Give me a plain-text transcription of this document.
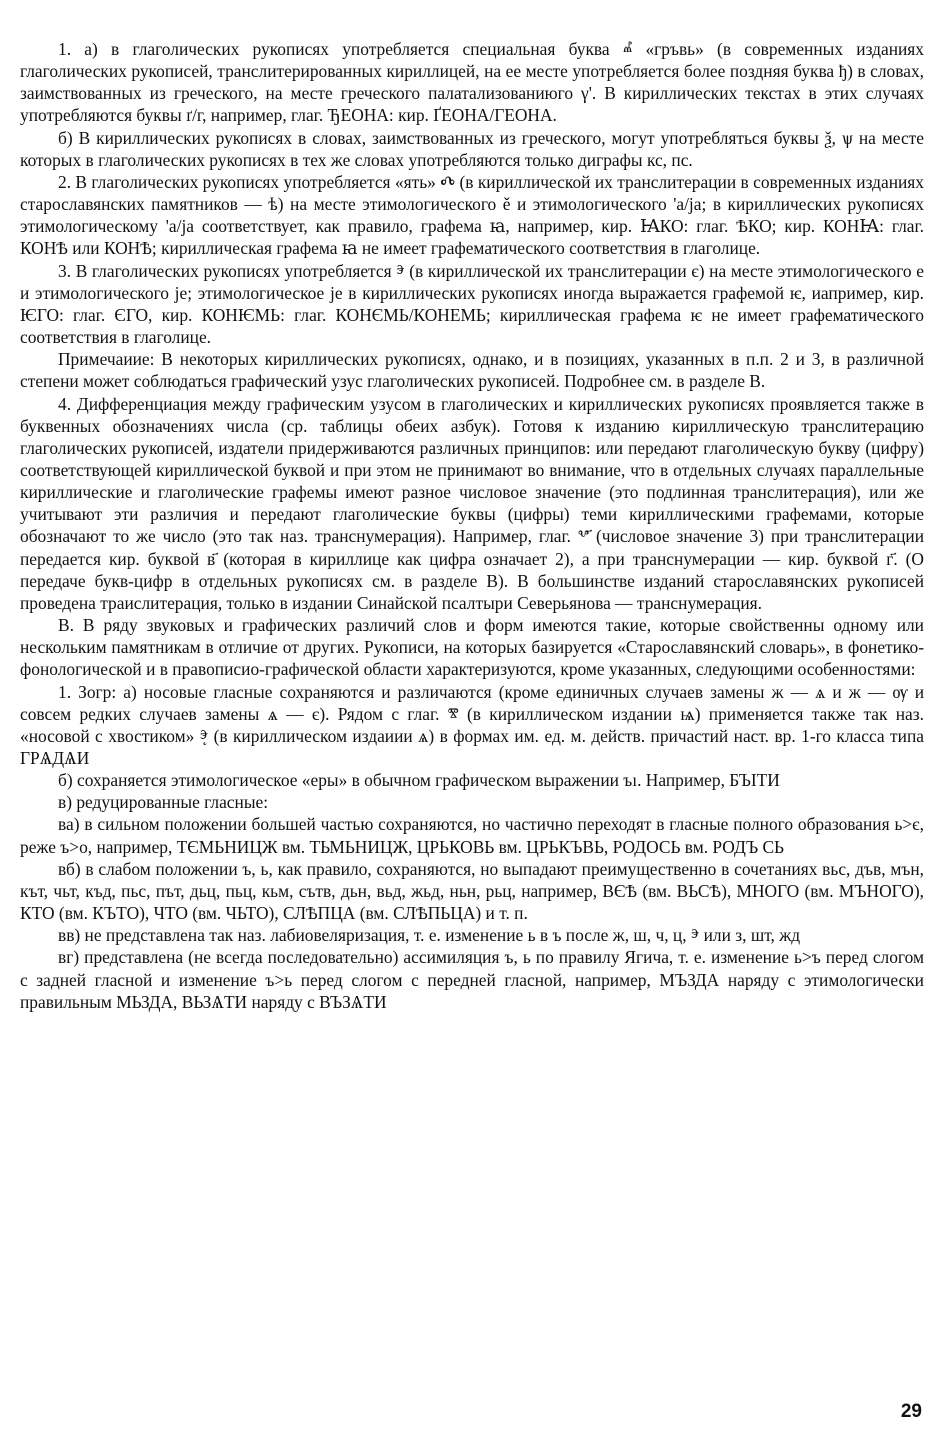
1. а) в глаголических рукописях употребляется специальная буква ⰼ «гръвь» (в современных изданиях глаголических рукописей, транслитерированных кириллицей, на ее месте употребляется более поздняя буква ђ) в словах, заимствованных из греческого, на месте греческого палатализованиюго γ'. В кириллических текстах в этих случаях употребляются буквы ґ/г, например, глаг. ЂЕОНА: кир. ҐЕОНА/ГЕОНА.

б) В кириллических рукописях в словах, заимствованных из греческого, могут употребляться буквы ѯ, ѱ на месте которых в глаголических рукописях в тех же словах употребляются только диграфы кс, пс.

2. В глаголических рукописях употребляется «ять» Ⰴ (в кириллической их транслитерации в современных изданиях старославянских памятников — ѣ) на месте этимологического ě и этимологического 'a/ja; в кириллических рукописях этимологическому 'a/ja соответствует, как правило, графема ꙗ, например, кир. ꙖКО: глаг. ѢКО; кир. КОНꙖ: глаг. КОНѢ или КОНѢ; кириллическая графема ꙗ не имеет графематического соответствия в глаголице.

3. В глаголических рукописях употребляется ⰵ (в кириллической их транслитерации є) на месте этимологического е и этимологического je; этимологическое je в кириллических рукописях иногда выражается графемой ѥ, иапример, кир. ѤГО: глаг. ЄГО, кир. КОНѤМЬ: глаг. КОНЄМЬ/КОНЕМЬ; кириллическая графема ѥ не имеет графематического соответствия в глаголице.

Примечаиие: В некоторых кириллических рукописях, однако, и в позициях, указанных в п.п. 2 и 3, в различной степени может соблюдаться графический узус глаголических рукописей. Подробнее см. в разделе В.

4. Дифференциация между графическим узусом в глаголических и кириллических рукописях проявляется также в буквенных обозначениях числа (ср. таблицы обеих азбук). Готовя к изданию кириллическую транслитерацию глаголических рукописей, издатели придерживаются различных принципов: или передают глаголическую букву (цифру) соответствующей кириллической буквой и при этом не принимают во внимание, что в отдельных случаях параллельные кириллические и глаголические графемы имеют разное числовое значение (это подлинная транслитерация), или же учитывают эти различия и передают глаголические буквы (цифры) теми кириллическими графемами, которые обозначают то же число (это так наз. транснумерация). Например, глаг. ⰲ҃ (числовое значение 3) при транслитерации передается кир. буквой в҃ (которая в кириллице как цифра означает 2), а при транснумерации — кир. буквой г҃. (О передаче букв-цифр в отдельных рукописях см. в разделе В). В большинстве изданий старославянских рукописей проведена траислитерация, только в издании Синайской псалтыри Северьянова — транснумерация.

В. В ряду звуковых и графических различий слов и форм имеются такие, которые свойственны одному или нескольким памятникам в отличие от других. Рукописи, на которых базируется «Старославянский словарь», в фонетико-фонологической и в правописио-графической области характеризуются, кроме указанных, следующими особенностями:

1. Зогр: а) носовые гласные сохраняются и различаются (кроме единичных случаев замены ж — ѧ и ж — ѹ и совсем редких случаев замены ѧ — є). Рядом с глаг. ⰺ (в кириллическом издании ѩ) применяется также так наз. «носовой с хвостиком» ⰵ̨ (в кириллическом издаиии ѧ) в формах им. ед. м. действ. причастий наст. вр. 1-го класса типа ГРѦДѦИ

б) сохраняется этимологическое «еры» в обычном графическом выражении ъı. Например, БЪІТИ

в) редуцированные гласные:

ва) в сильном положении большей частью сохраняются, но частично переходят в гласные полного образования ь>є, реже ъ>о, например, ТЄМЬНИЦЖ вм. ТЬМЬНИЦЖ, ЦРЬКОВЬ вм. ЦРЬКЪВЬ, РОДОСЬ вм. РОДЪ СЬ

вб) в слабом положении ъ, ь, как правило, сохраняются, но выпадают преимущественно в сочетаниях вьс, дъв, мън, кът, чьт, къд, пьс, път, дьц, пьц, кьм, сътв, дьн, вьд, жьд, ньн, рьц, например, ВЄѢ (вм. ВЬСѢ), МНОГО (вм. МЪНОГО), КТО (вм. КЪТО), ЧТО (вм. ЧЬТО), СЛѢПЦА (вм. СЛѢПЬЦА) и т. п.

вв) не представлена так наз. лабиовеляризация, т. е. изменение ь в ъ после ж, ш, ч, ц, ⰵ или з, шт, жд

вг) представлена (не всегда последовательно) ассимиляция ъ, ь по правилу Ягича, т. е. изменение ь>ъ перед слогом с задней гласной и изменение ъ>ь перед слогом с передней гласной, например, МЪЗДА наряду с этимологически правильным МЬЗДА, ВЬЗѦТИ наряду с ВЪЗѦТИ

29
